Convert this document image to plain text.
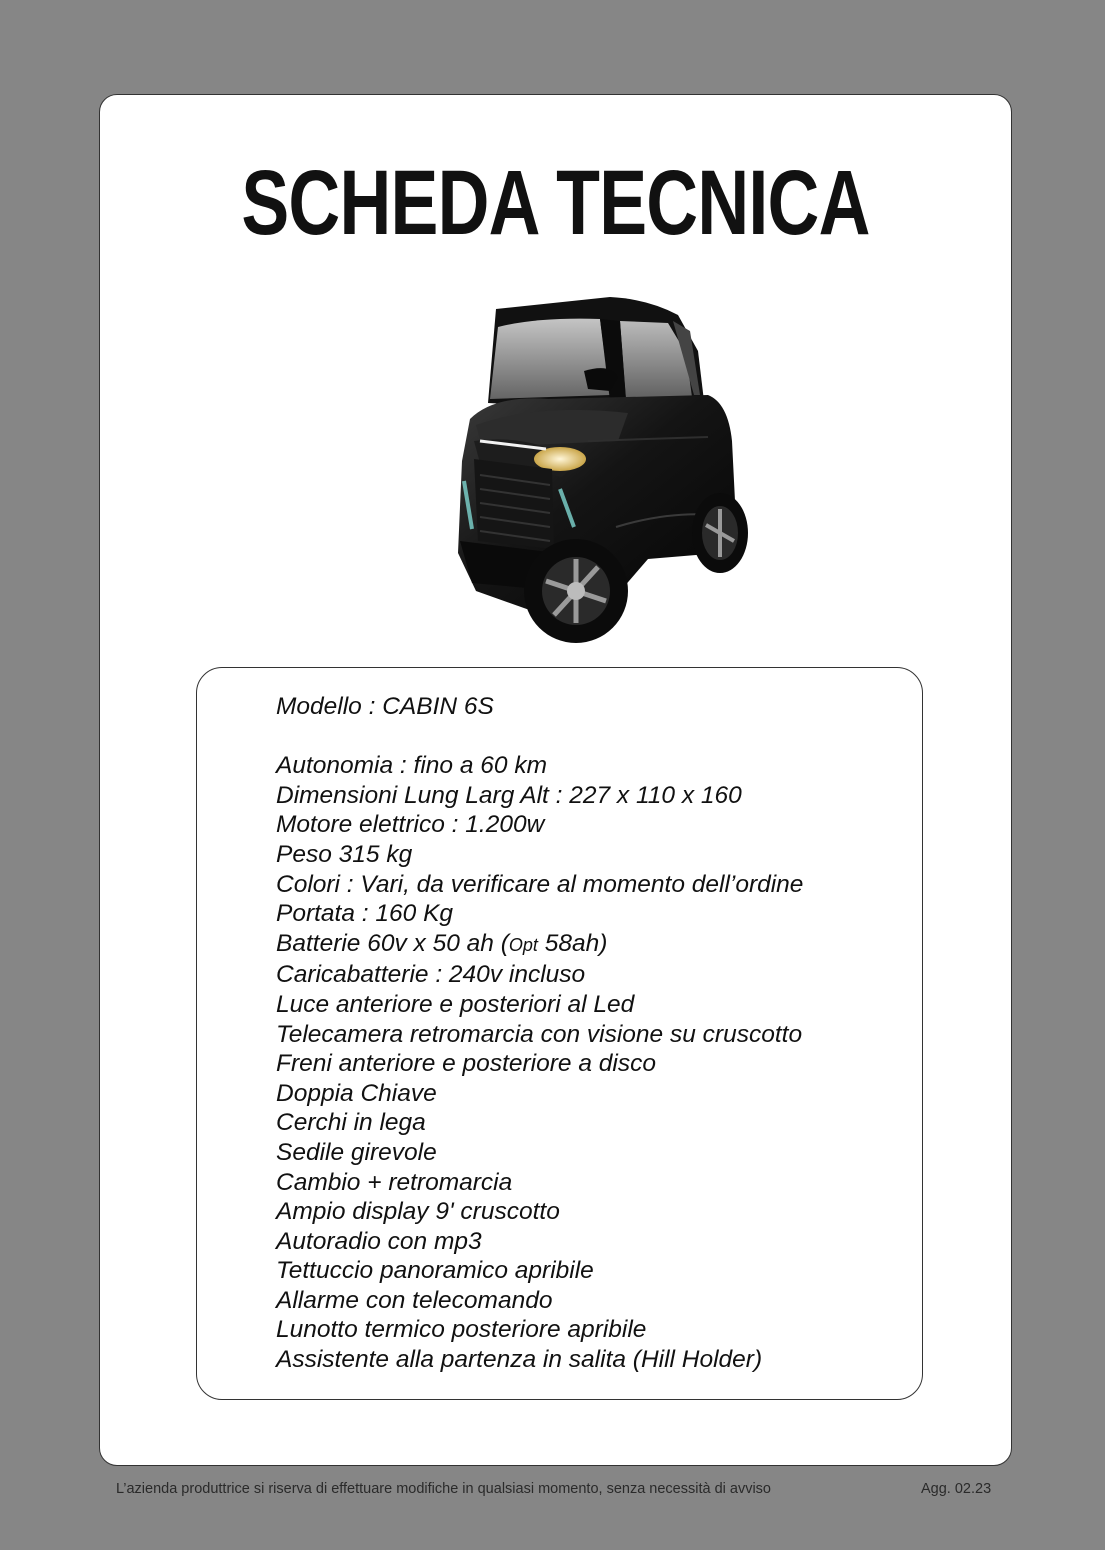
SCHEDA TECNICA
Modello : CABIN 6S
Autonomia : fino a 60 km
Dimensioni Lung Larg Alt : 227 x 110 x 160
Motore elettrico : 1.200w
Peso 315 kg
Colori : Vari, da verificare al momento dell’ordine
Portata : 160 Kg
Batterie 60v x 50 ah (Opt 58ah)
Caricabatterie : 240v incluso
Luce anteriore e posteriori al Led
Telecamera retromarcia con visione su cruscotto
Freni anteriore e posteriore a disco
Doppia Chiave
Cerchi in lega
Sedile girevole
Cambio + retromarcia
Ampio display 9' cruscotto
Autoradio con mp3
Tettuccio panoramico apribile
Allarme con telecomando
Lunotto termico posteriore apribile
Assistente alla partenza in salita (Hill Holder)
L’azienda produttrice si riserva di effettuare modifiche in qualsiasi momento, senza necessità di avviso	Agg. 02.23
